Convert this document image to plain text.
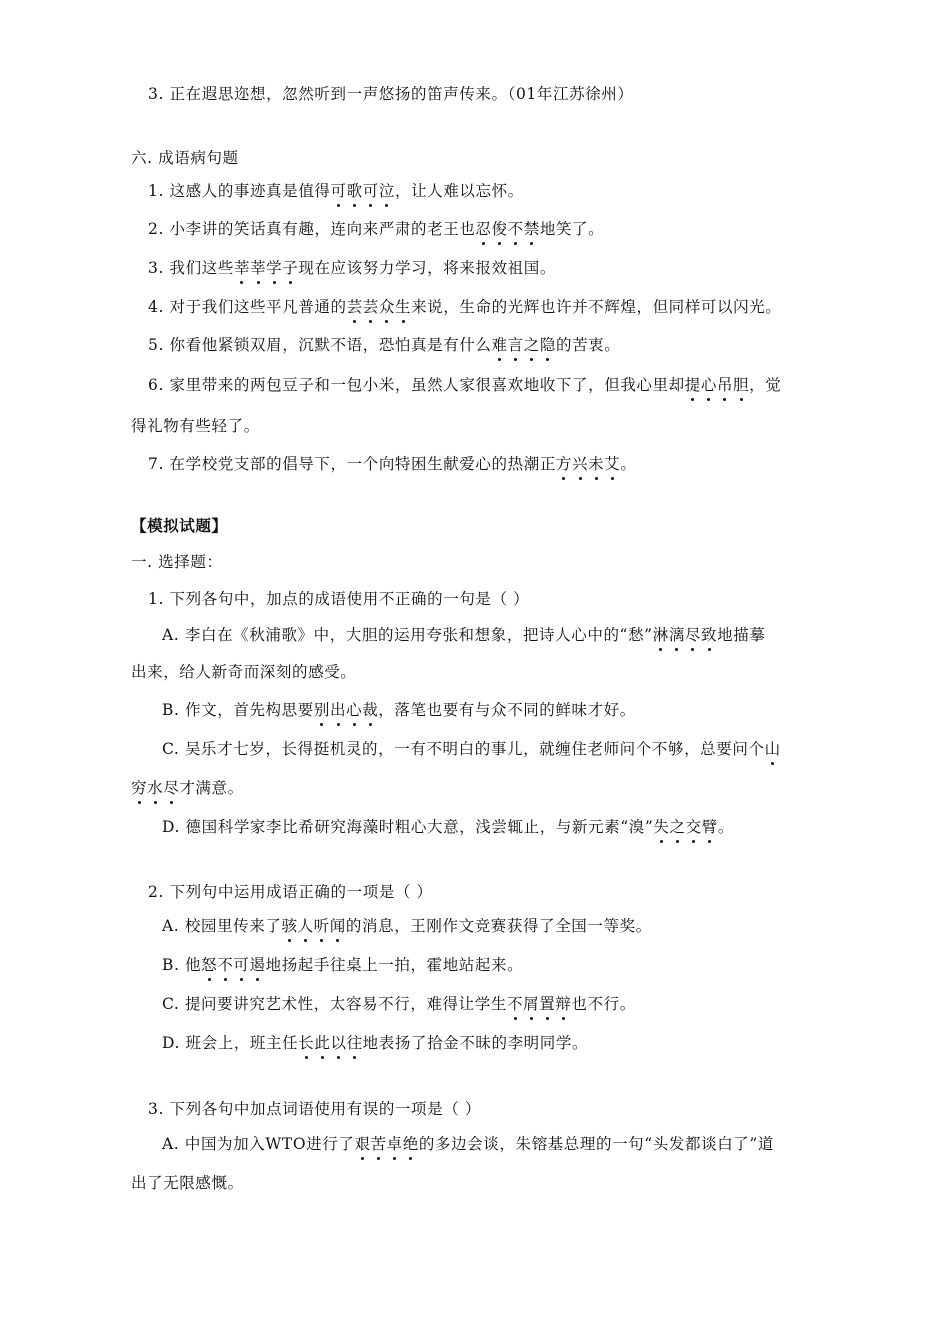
3. 正在遐思迩想，忽然听到一声悠扬的笛声传来。（01年江苏徐州）
六. 成语病句题
1. 这感人的事迹真是值得可歌可泣，让人难以忘怀。
2. 小李讲的笑话真有趣，连向来严肃的老王也忍俊不禁地笑了。
3. 我们这些莘莘学子现在应该努力学习，将来报效祖国。
4. 对于我们这些平凡普通的芸芸众生来说，生命的光辉也许并不辉煌，但同样可以闪光。
5. 你看他紧锁双眉，沉默不语，恐怕真是有什么难言之隐的苦衷。
6. 家里带来的两包豆子和一包小米，虽然人家很喜欢地收下了，但我心里却提心吊胆，觉
得礼物有些轻了。
7. 在学校党支部的倡导下，一个向特困生献爱心的热潮正方兴未艾。
【模拟试题】
一. 选择题：
1. 下列各句中，加点的成语使用不正确的一句是（ ）
A. 李白在《秋浦歌》中，大胆的运用夸张和想象，把诗人心中的“愁”淋漓尽致地描摹
出来，给人新奇而深刻的感受。
B. 作文，首先构思要别出心裁，落笔也要有与众不同的鲜味才好。
C. 吴乐才七岁，长得挺机灵的，一有不明白的事儿，就缠住老师问个不够，总要问个山
穷水尽才满意。
D. 德国科学家李比希研究海藻时粗心大意，浅尝辄止，与新元素“溴”失之交臂。
2. 下列句中运用成语正确的一项是（ ）
A. 校园里传来了骇人听闻的消息，王刚作文竞赛获得了全国一等奖。
B. 他怒不可遏地扬起手往桌上一拍，霍地站起来。
C. 提问要讲究艺术性，太容易不行，难得让学生不屑置辩也不行。
D. 班会上，班主任长此以往地表扬了拾金不昧的李明同学。
3. 下列各句中加点词语使用有误的一项是（ ）
A. 中国为加入WTO进行了艰苦卓绝的多边会谈，朱镕基总理的一句“头发都谈白了”道
出了无限感慨。
